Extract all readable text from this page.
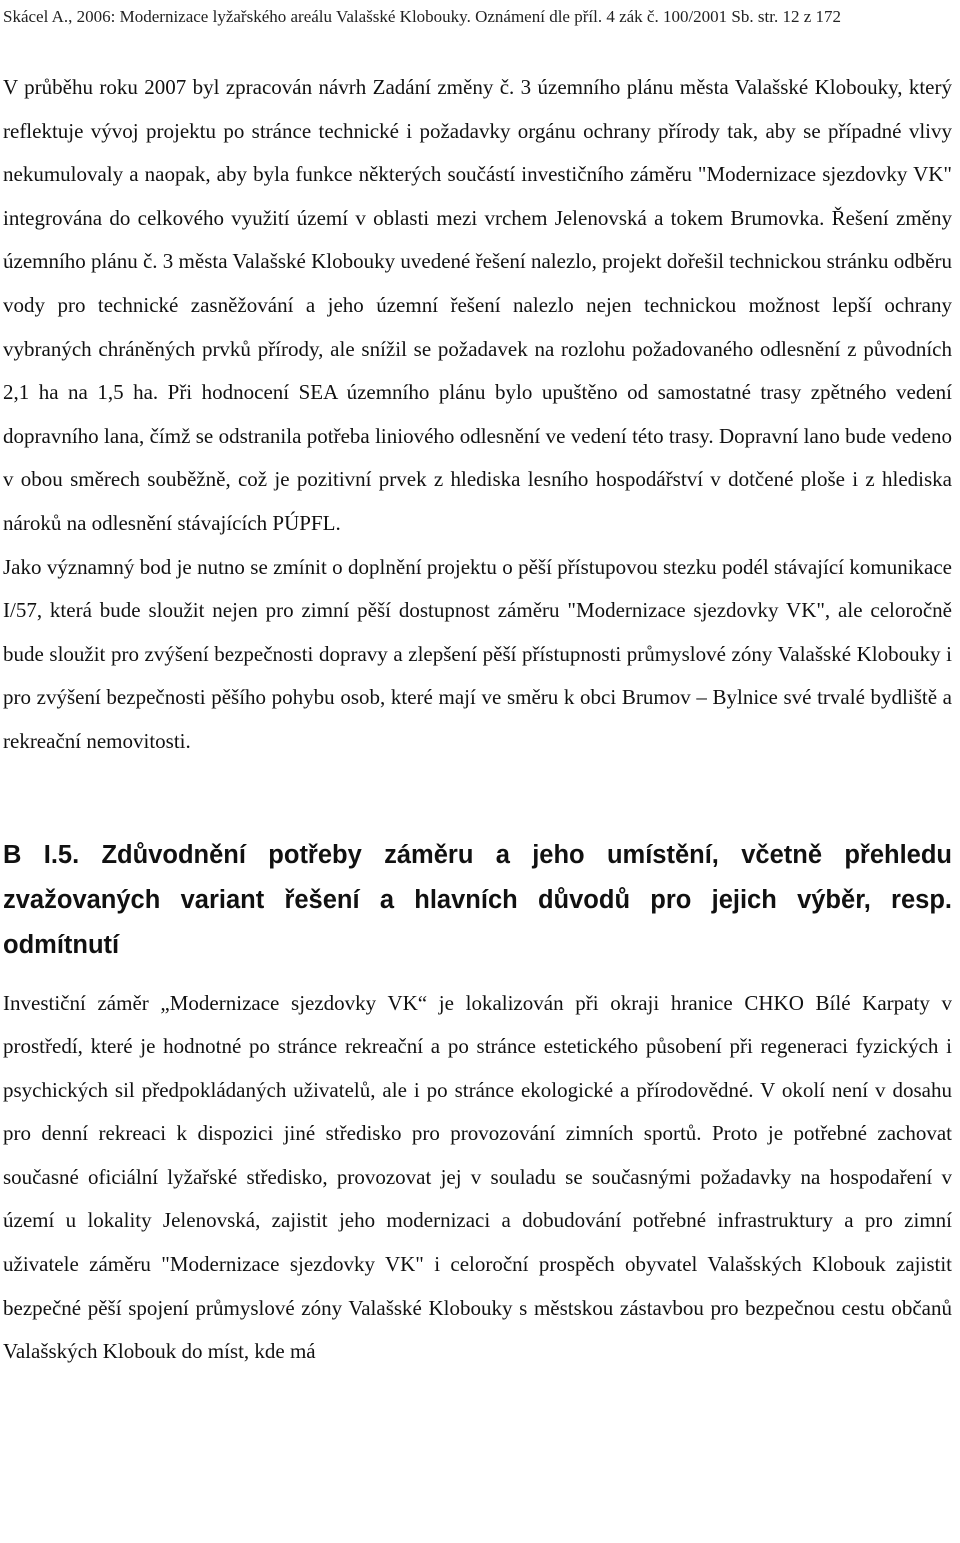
Skácel A., 2006: Modernizace lyžařského areálu Valašské Klobouky. Oznámení dle příl. 4 zák č. 100/2001 Sb. str. 12 z 172

V průběhu roku 2007 byl zpracován návrh Zadání změny č. 3 územního plánu města Valašské Klobouky, který reflektuje vývoj projektu po stránce technické i požadavky orgánu ochrany přírody tak, aby se případné vlivy nekumulovaly a naopak, aby byla funkce některých součástí investičního záměru "Modernizace sjezdovky VK" integrována do celkového využití území v oblasti mezi vrchem Jelenovská a tokem Brumovka. Řešení změny územního plánu č. 3 města Valašské Klobouky uvedené řešení nalezlo, projekt dořešil technickou stránku odběru vody pro technické zasněžování a jeho územní řešení nalezlo nejen technickou možnost lepší ochrany vybraných chráněných prvků přírody, ale snížil se požadavek na rozlohu požadovaného odlesnění z původních 2,1 ha na 1,5 ha. Při hodnocení SEA územního plánu bylo upuštěno od samostatné trasy zpětného vedení dopravního lana, čímž se odstranila potřeba liniového odlesnění ve vedení této trasy. Dopravní lano bude vedeno v obou směrech souběžně, což je pozitivní prvek z hlediska lesního hospodářství v dotčené ploše i z hlediska nároků na odlesnění stávajících PÚPFL.

Jako významný bod je nutno se zmínit o doplnění projektu o pěší přístupovou stezku podél stávající komunikace I/57, která bude sloužit nejen pro zimní pěší dostupnost záměru "Modernizace sjezdovky VK", ale celoročně bude sloužit pro zvýšení bezpečnosti dopravy a zlepšení pěší přístupnosti průmyslové zóny Valašské Klobouky i pro zvýšení bezpečnosti pěšího pohybu osob, které mají ve směru k obci Brumov – Bylnice své trvalé bydliště a rekreační nemovitosti.

B I.5. Zdůvodnění potřeby záměru a jeho umístění, včetně přehledu zvažovaných variant řešení a hlavních důvodů pro jejich výběr, resp. odmítnutí

Investiční záměr „Modernizace sjezdovky VK“ je lokalizován při okraji hranice CHKO Bílé Karpaty v prostředí, které je hodnotné po stránce rekreační a po stránce estetického působení při regeneraci fyzických i psychických sil předpokládaných uživatelů, ale i po stránce ekologické a přírodovědné. V okolí není v dosahu pro denní rekreaci k dispozici jiné středisko pro provozování zimních sportů. Proto je potřebné zachovat současné oficiální lyžařské středisko, provozovat jej v souladu se současnými požadavky na hospodaření v území u lokality Jelenovská, zajistit jeho modernizaci a dobudování potřebné infrastruktury a pro zimní uživatele záměru "Modernizace sjezdovky VK" i celoroční prospěch obyvatel Valašských Klobouk zajistit bezpečné pěší spojení průmyslové zóny Valašské Klobouky s městskou zástavbou pro bezpečnou cestu občanů Valašských Klobouk do míst, kde má
